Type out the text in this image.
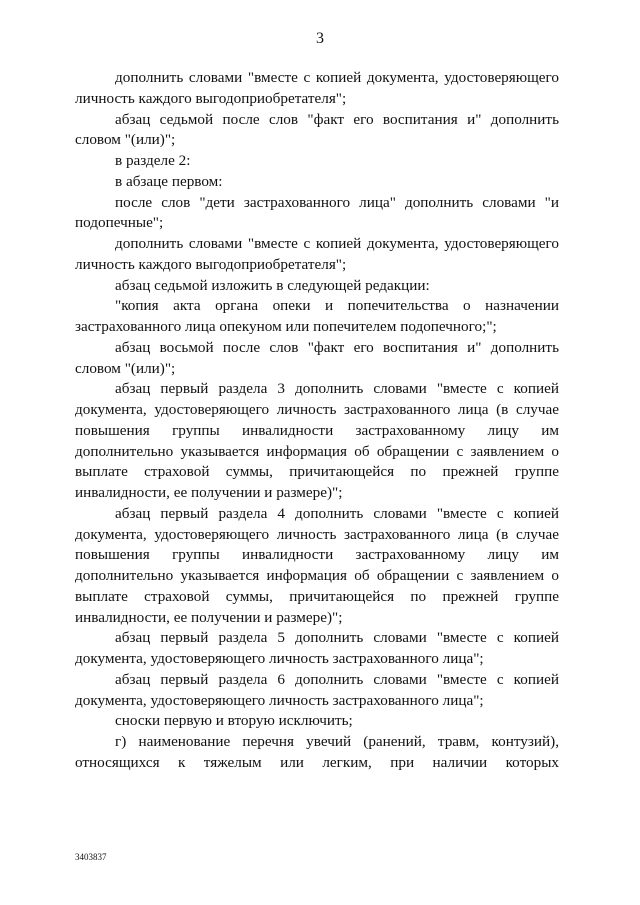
3

дополнить словами "вместе с копией документа, удостоверяющего личность каждого выгодоприобретателя";

абзац седьмой после слов "факт его воспитания и" дополнить словом "(или)";

в разделе 2:

в абзаце первом:

после слов "дети застрахованного лица" дополнить словами "и подопечные";

дополнить словами "вместе с копией документа, удостоверяющего личность каждого выгодоприобретателя";

абзац седьмой изложить в следующей редакции:

"копия акта органа опеки и попечительства о назначении застрахованного лица опекуном или попечителем подопечного;";

абзац восьмой после слов "факт его воспитания и" дополнить словом "(или)";

абзац первый раздела 3 дополнить словами "вместе с копией документа, удостоверяющего личность застрахованного лица (в случае повышения группы инвалидности застрахованному лицу им дополнительно указывается информация об обращении с заявлением о выплате страховой суммы, причитающейся по прежней группе инвалидности, ее получении и размере)";

абзац первый раздела 4 дополнить словами "вместе с копией документа, удостоверяющего личность застрахованного лица (в случае повышения группы инвалидности застрахованному лицу им дополнительно указывается информация об обращении с заявлением о выплате страховой суммы, причитающейся по прежней группе инвалидности, ее получении и размере)";

абзац первый раздела 5 дополнить словами "вместе с копией документа, удостоверяющего личность застрахованного лица";

абзац первый раздела 6 дополнить словами "вместе с копией документа, удостоверяющего личность застрахованного лица";

сноски первую и вторую исключить;

г) наименование перечня увечий (ранений, травм, контузий), относящихся к тяжелым или легким, при наличии которых

3403837
